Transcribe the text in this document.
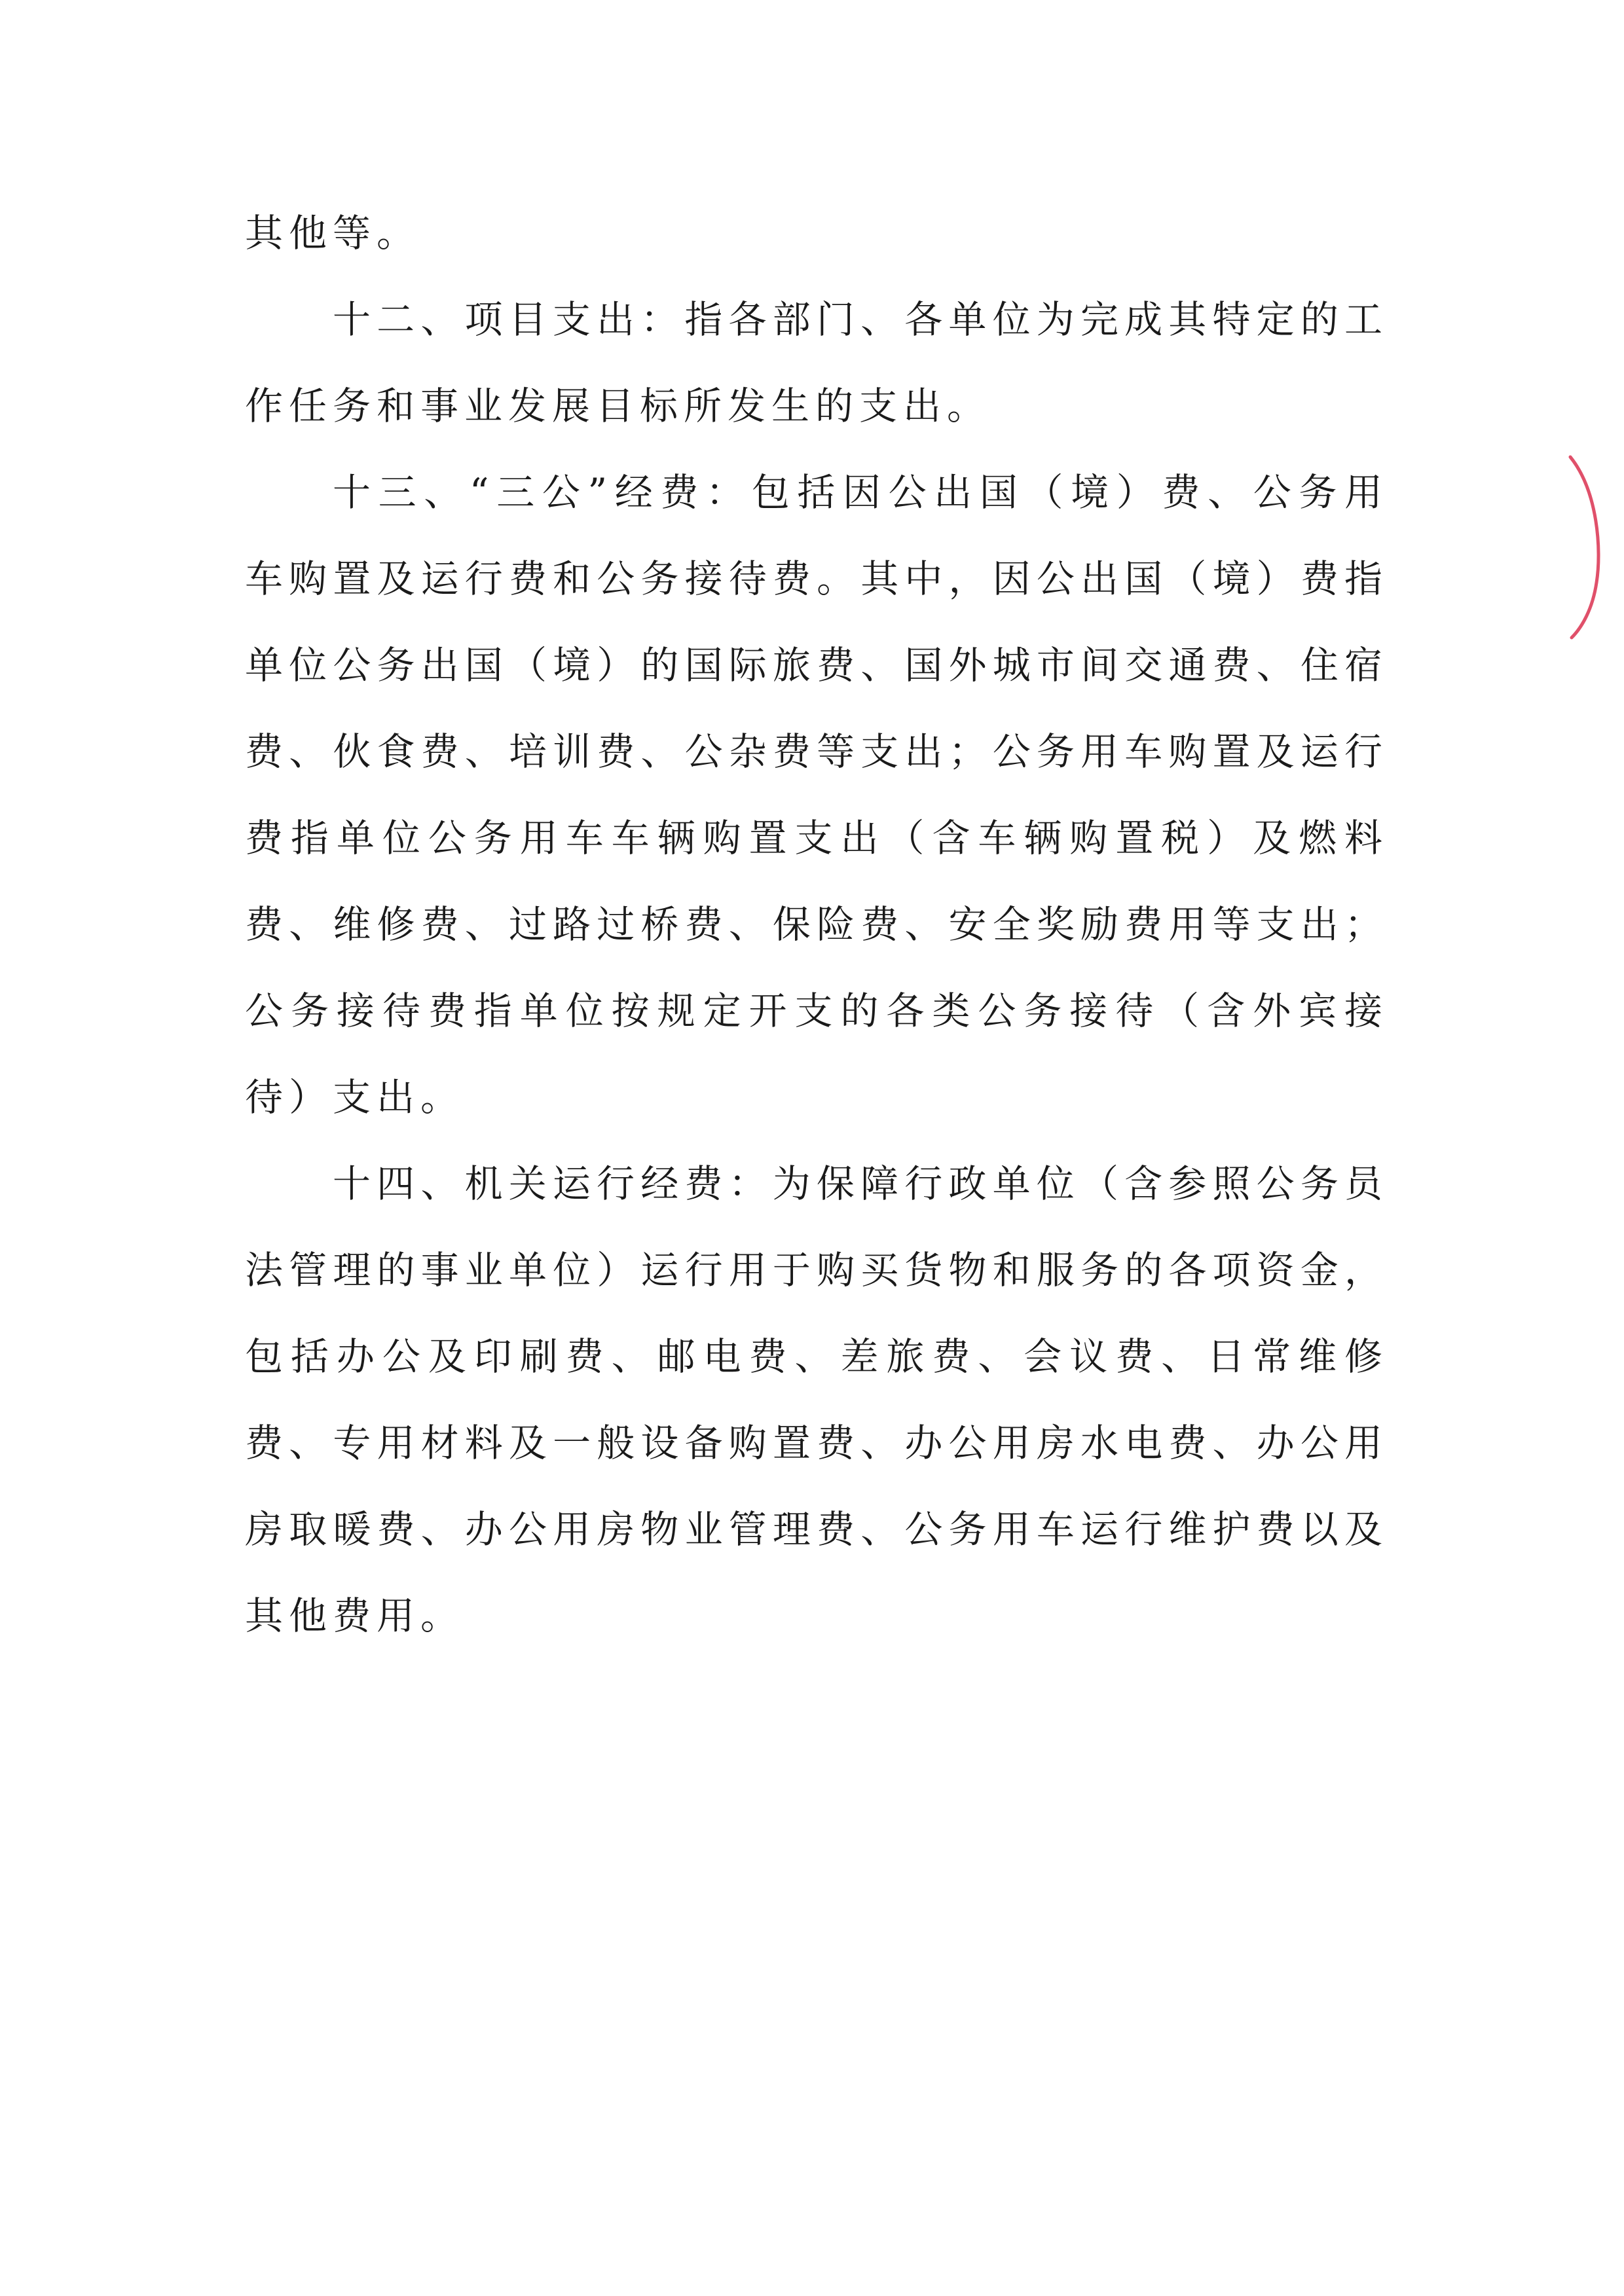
其他等。

十二、项目支出：指各部门、各单位为完成其特定的工作任务和事业发展目标所发生的支出。

十三、“三公”经费：包括因公出国（境）费、公务用车购置及运行费和公务接待费。其中，因公出国（境）费指单位公务出国（境）的国际旅费、国外城市间交通费、住宿费、伙食费、培训费、公杂费等支出；公务用车购置及运行费指单位公务用车车辆购置支出（含车辆购置税）及燃料费、维修费、过路过桥费、保险费、安全奖励费用等支出；公务接待费指单位按规定开支的各类公务接待（含外宾接待）支出。

十四、机关运行经费：为保障行政单位（含参照公务员法管理的事业单位）运行用于购买货物和服务的各项资金，包括办公及印刷费、邮电费、差旅费、会议费、日常维修费、专用材料及一般设备购置费、办公用房水电费、办公用房取暖费、办公用房物业管理费、公务用车运行维护费以及其他费用。
